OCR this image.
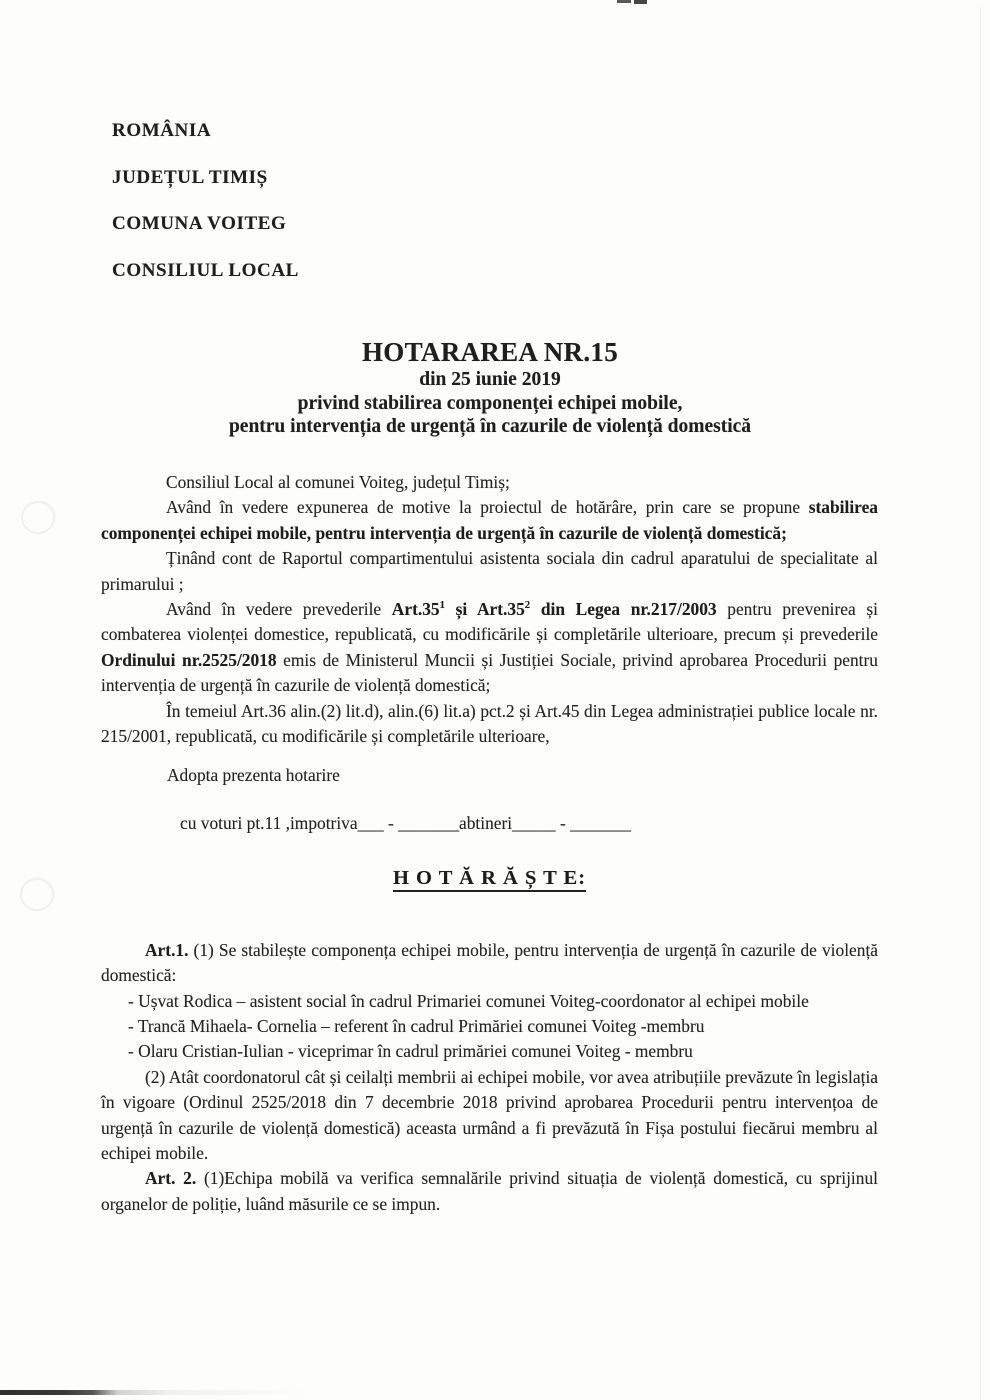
ROMÂNIA
JUDEȚUL TIMIȘ
COMUNA VOITEG
CONSILIUL LOCAL
HOTARAREA NR.15
din 25 iunie 2019
privind stabilirea componenței echipei mobile,
pentru intervenția de urgență în cazurile de violență domestică

Consiliul Local al comunei Voiteg, județul Timiș;

Având în vedere expunerea de motive la proiectul de hotărâre, prin care se propune stabilirea componenței echipei mobile, pentru intervenția de urgență în cazurile de violență domestică;

Ținând cont de Raportul compartimentului asistenta sociala din cadrul aparatului de specialitate al primarului ;

Având în vedere prevederile $Art.35^1$ și $Art.35^2$ din Legea nr.217/2003 pentru prevenirea și combaterea violenței domestice, republicată, cu modificările și completările ulterioare, precum și prevederile Ordinului nr.2525/2018 emis de Ministerul Muncii și Justiției Sociale, privind aprobarea Procedurii pentru intervenția de urgență în cazurile de violență domestică;

În temeiul Art.36 alin.(2) lit.d), alin.(6) lit.a) pct.2 și Art.45 din Legea administrației publice locale nr. 215/2001, republicată, cu modificările și completările ulterioare,

Adopta prezenta hotarire

cu voturi pt.11 ,impotriva___ - _______abtineri_____ - _______

H O T Ă R Ă Ș T E:

Art.1. (1) Se stabilește componența echipei mobile, pentru intervenția de urgență în cazurile de violență domestică:

- Ușvat Rodica – asistent social în cadrul Primariei comunei Voiteg-coordonator al echipei mobile

- Trancă Mihaela- Cornelia – referent în cadrul Primăriei comunei Voiteg -membru

- Olaru Cristian-Iulian - viceprimar în cadrul primăriei comunei Voiteg - membru

(2) Atât coordonatorul cât și ceilalți membrii ai echipei mobile, vor avea atribuțiile prevăzute în legislația în vigoare (Ordinul 2525/2018 din 7 decembrie 2018 privind aprobarea Procedurii pentru intervențoa de urgență în cazurile de violență domestică) aceasta urmând a fi prevăzută în Fișa postului fiecărui membru al echipei mobile.

Art. 2. (1)Echipa mobilă va verifica semnalările privind situația de violență domestică, cu sprijinul organelor de poliție, luând măsurile ce se impun.
